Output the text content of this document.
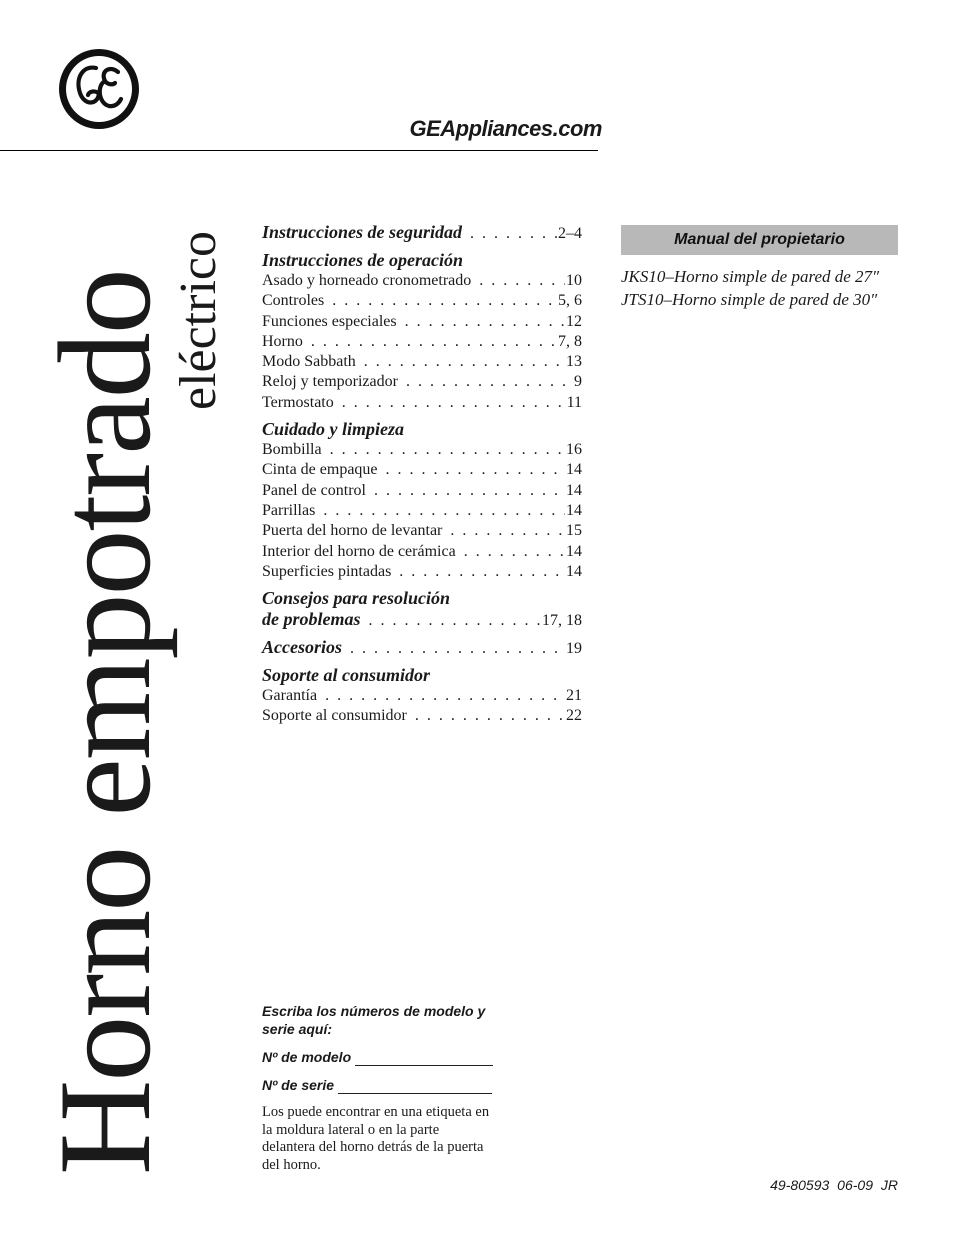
GEAppliances.com
Horno empotrado
eléctrico Instrucciones de seguridad . . .	2–4
Instrucciones de operación
Asado y horneado cronometrado . . .	10
Controles . . .	5, 6
Funciones especiales . . .	12
Horno . . .	7, 8
Modo Sabbath . . .	13
Reloj y temporizador . . .	9
Termostato . . .	11
Cuidado y limpieza
Bombilla . . .	16
Cinta de empaque . . .	14
Panel de control . . .	14
Parrillas . . .	14
Puerta del horno de levantar . . .	15
Interior del horno de cerámica . . .	14
Superficies pintadas . . .	14
Consejos para resolución
de problemas . . .	17, 18
Accesorios . . .	19
Soporte al consumidor
Garantía . . .	21
Soporte al consumidor . . .	22
Manual del propietario
JKS10–Horno simple de pared de 27″
JTS10–Horno simple de pared de 30″
Escriba los números de modelo y serie aquí:
Nº de modelo
Nº de serie
Los puede encontrar en una etiqueta en la moldura lateral o en la parte delantera del horno detrás de la puerta del horno.
49-80593 06-09 JR
